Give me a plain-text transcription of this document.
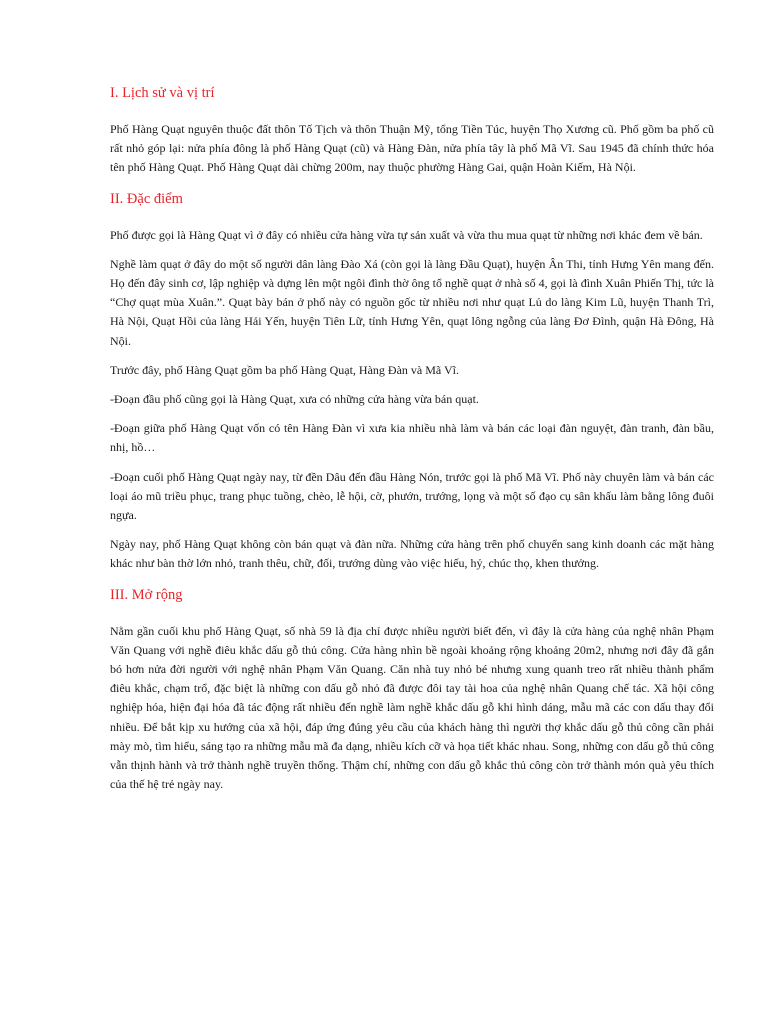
I. Lịch sử và vị trí

Phố Hàng Quạt nguyên thuộc đất thôn Tố Tịch và thôn Thuận Mỹ, tổng Tiền Túc, huyện Thọ Xương cũ. Phố gồm ba phố cũ rất nhỏ góp lại: nửa phía đông là phố Hàng Quạt (cũ) và Hàng Đàn, nửa phía tây là phố Mã Vĩ. Sau 1945 đã chính thức hóa tên phố Hàng Quạt. Phố Hàng Quạt dài chừng 200m, nay thuộc phường Hàng Gai, quận Hoàn Kiếm, Hà Nội.

II. Đặc điểm

Phố được gọi là Hàng Quạt vì ở đây có nhiều cửa hàng vừa tự sản xuất và vừa thu mua quạt từ những nơi khác đem về bán.

Nghề làm quạt ở đây do một số người dân làng Đào Xá (còn gọi là làng Đầu Quạt), huyện Ân Thi, tỉnh Hưng Yên mang đến. Họ đến đây sinh cơ, lập nghiệp và dựng lên một ngôi đình thờ ông tổ nghề quạt ở nhà số 4, gọi là đình Xuân Phiến Thị, tức là “Chợ quạt mùa Xuân.”. Quạt bày bán ở phố này có nguồn gốc từ nhiều nơi như quạt Lủ do làng Kim Lũ, huyện Thanh Trì, Hà Nội, Quạt Hồi của làng Hải Yến, huyện Tiên Lữ, tỉnh Hưng Yên, quạt lông ngỗng của làng Đơ Đình, quận Hà Đông, Hà Nội.

Trước đây, phố Hàng Quạt gồm ba phố Hàng Quạt, Hàng Đàn và Mã Vĩ.

-Đoạn đầu phố cũng gọi là Hàng Quạt, xưa có những cửa hàng vừa bán quạt.

-Đoạn giữa phố Hàng Quạt vốn có tên Hàng Đàn vì xưa kia nhiều nhà làm và bán các loại đàn nguyệt, đàn tranh, đàn bầu, nhị, hồ…

-Đoạn cuối phố Hàng Quạt ngày nay, từ đền Dâu đến đầu Hàng Nón, trước gọi là phố Mã Vĩ. Phố này chuyên làm và bán các loại áo mũ triều phục, trang phục tuồng, chèo, lễ hội, cờ, phướn, trướng, lọng và một số đạo cụ sân khấu làm bằng lông đuôi ngựa.

Ngày nay, phố Hàng Quạt không còn bán quạt và đàn nữa. Những cửa hàng trên phố chuyển sang kinh doanh các mặt hàng khác như bàn thờ lớn nhỏ, tranh thêu, chữ, đối, trướng dùng vào việc hiếu, hỷ, chúc thọ, khen thưởng.

III. Mở rộng

Nằm gần cuối khu phố Hàng Quạt, số nhà 59 là địa chỉ được nhiều người biết đến, vì đây là cửa hàng của nghệ nhân Phạm Văn Quang với nghề điêu khắc dấu gỗ thủ công. Cửa hàng nhìn bề ngoài khoảng rộng khoảng 20m2, nhưng nơi đây đã gắn bó hơn nửa đời người với nghệ nhân Phạm Văn Quang. Căn nhà tuy nhỏ bé nhưng xung quanh treo rất nhiều thành phẩm điêu khắc, chạm trổ, đặc biệt là những con dấu gỗ nhỏ đã được đôi tay tài hoa của nghệ nhân Quang chế tác. Xã hội công nghiệp hóa, hiện đại hóa đã tác động rất nhiều đến nghề làm nghề khắc dấu gỗ khi hình dáng, mẫu mã các con dấu thay đổi nhiều. Để bắt kịp xu hướng của xã hội, đáp ứng đúng yêu cầu của khách hàng thì người thợ khắc dấu gỗ thủ công cần phải mày mò, tìm hiểu, sáng tạo ra những mẫu mã đa dạng, nhiều kích cỡ và họa tiết khác nhau. Song, những con dấu gỗ thủ công vẫn thịnh hành và trở thành nghề truyền thống. Thậm chí, những con dấu gỗ khắc thủ công còn trở thành món quà yêu thích của thế hệ trẻ ngày nay.
